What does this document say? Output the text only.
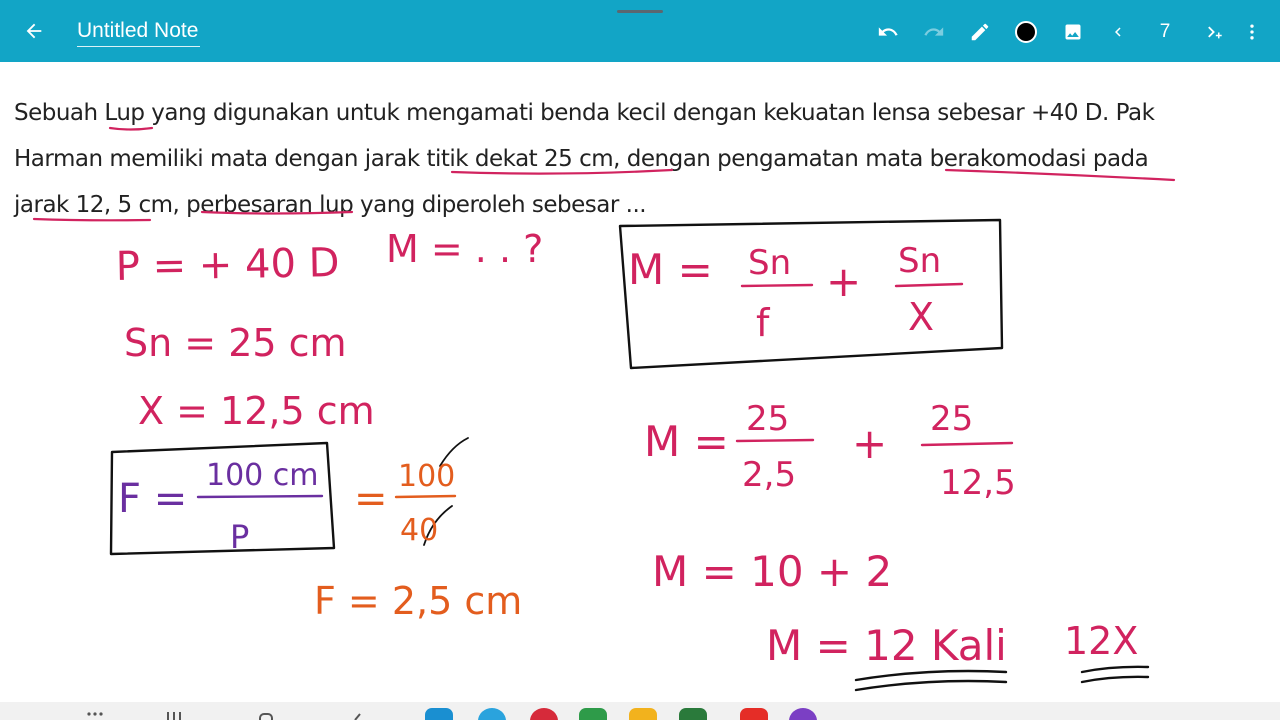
Untitled Note	7
Sebuah Lup yang digunakan untuk mengamati benda kecil dengan kekuatan lensa sebesar +40 D. Pak
Harman memiliki mata dengan jarak titik dekat 25 cm, dengan pengamatan mata berakomodasi pada
jarak 12, 5 cm, perbesaran lup yang diperoleh sebesar ...
P = + 40 D
Sn = 25 cm
X = 12,5 cm
M = . . ?
F =
100 cm
P
= 100
40
F = 2,5 cm
M = Sn
f
+ Sn
X
M = 25
2,5
+ 25
12,5
M = 10 + 2
M = 12 Kali 12X
